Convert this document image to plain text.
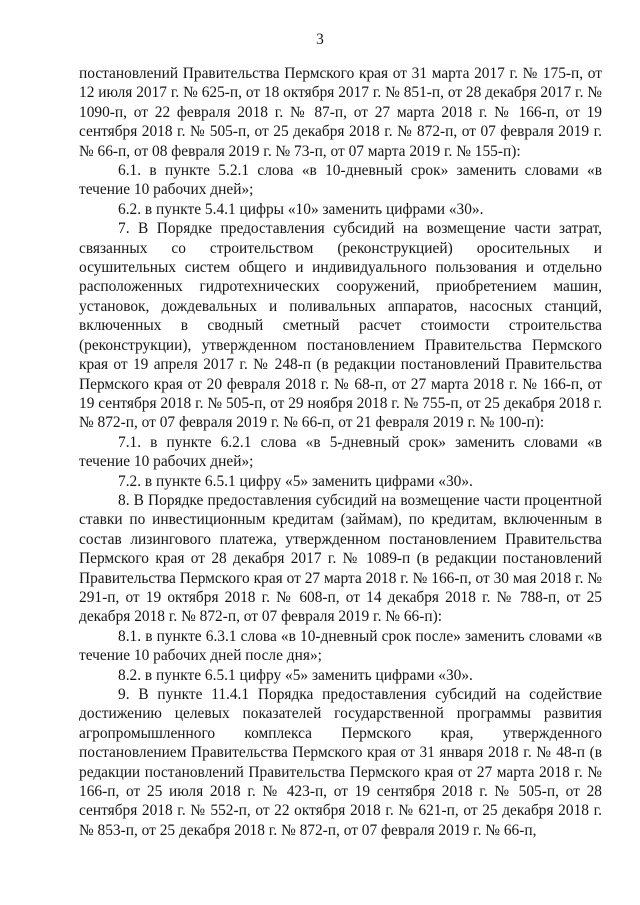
3

постановлений Правительства Пермского края от 31 марта 2017 г. № 175-п, от 12 июля 2017 г. № 625-п, от 18 октября 2017 г. № 851-п, от 28 декабря 2017 г. № 1090-п, от 22 февраля 2018 г. № 87-п, от 27 марта 2018 г. № 166-п, от 19 сентября 2018 г. № 505-п, от 25 декабря 2018 г. № 872-п, от 07 февраля 2019 г. № 66-п, от 08 февраля 2019 г. № 73-п, от 07 марта 2019 г. № 155-п):

6.1. в пункте 5.2.1 слова «в 10-дневный срок» заменить словами «в течение 10 рабочих дней»;

6.2. в пункте 5.4.1 цифры «10» заменить цифрами «30».

7. В Порядке предоставления субсидий на возмещение части затрат, связанных со строительством (реконструкцией) оросительных и осушительных систем общего и индивидуального пользования и отдельно расположенных гидротехнических сооружений, приобретением машин, установок, дождевальных и поливальных аппаратов, насосных станций, включенных в сводный сметный расчет стоимости строительства (реконструкции), утвержденном постановлением Правительства Пермского края от 19 апреля 2017 г. № 248-п (в редакции постановлений Правительства Пермского края от 20 февраля 2018 г. № 68-п, от 27 марта 2018 г. № 166-п, от 19 сентября 2018 г. № 505-п, от 29 ноября 2018 г. № 755-п, от 25 декабря 2018 г. № 872-п, от 07 февраля 2019 г. № 66-п, от 21 февраля 2019 г. № 100-п):

7.1. в пункте 6.2.1 слова «в 5-дневный срок» заменить словами «в течение 10 рабочих дней»;

7.2. в пункте 6.5.1 цифру «5» заменить цифрами «30».

8. В Порядке предоставления субсидий на возмещение части процентной ставки по инвестиционным кредитам (займам), по кредитам, включенным в состав лизингового платежа, утвержденном постановлением Правительства Пермского края от 28 декабря 2017 г. № 1089-п (в редакции постановлений Правительства Пермского края от 27 марта 2018 г. № 166-п, от 30 мая 2018 г. № 291-п, от 19 октября 2018 г. № 608-п, от 14 декабря 2018 г. № 788-п, от 25 декабря 2018 г. № 872-п, от 07 февраля 2019 г. № 66-п):

8.1. в пункте 6.3.1 слова «в 10-дневный срок после» заменить словами «в течение 10 рабочих дней после дня»;

8.2. в пункте 6.5.1 цифру «5» заменить цифрами «30».

9. В пункте 11.4.1 Порядка предоставления субсидий на содействие достижению целевых показателей государственной программы развития агропромышленного комплекса Пермского края, утвержденного постановлением Правительства Пермского края от 31 января 2018 г. № 48-п (в редакции постановлений Правительства Пермского края от 27 марта 2018 г. № 166-п, от 25 июля 2018 г. № 423-п, от 19 сентября 2018 г. № 505-п, от 28 сентября 2018 г. № 552-п, от 22 октября 2018 г. № 621-п, от 25 декабря 2018 г. № 853-п, от 25 декабря 2018 г. № 872-п, от 07 февраля 2019 г. № 66-п,
